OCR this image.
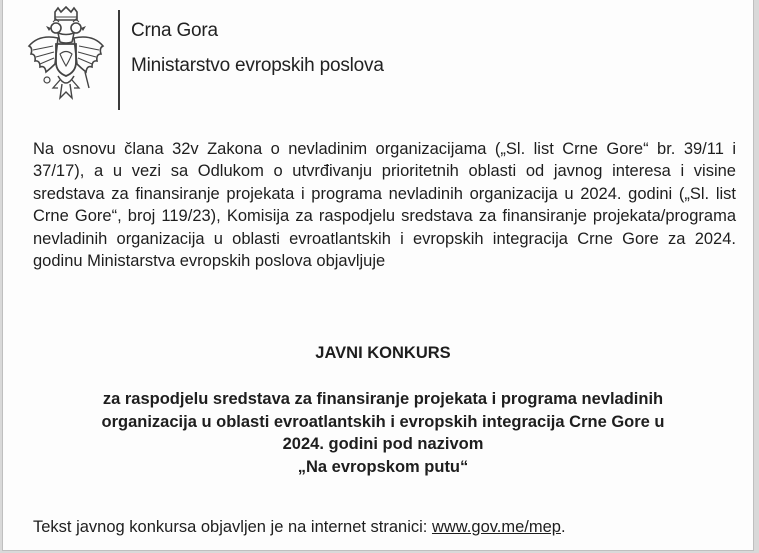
Crna Gora
Ministarstvo evropskih poslova

Na osnovu člana 32v Zakona o nevladinim organizacijama („Sl. list Crne Gore“ br. 39/11 i 37/17), a u vezi sa Odlukom o utvrđivanju prioritetnih oblasti od javnog interesa i visine sredstava za finansiranje projekata i programa nevladinih organizacija u 2024. godini („Sl. list Crne Gore“, broj 119/23), Komisija za raspodjelu sredstava za finansiranje projekata/programa nevladinih organizacija u oblasti evroatlantskih i evropskih integracija Crne Gore za 2024. godinu Ministarstva evropskih poslova objavljuje

JAVNI KONKURS

za raspodjelu sredstava za finansiranje projekata i programa nevladinih
organizacija u oblasti evroatlantskih i evropskih integracija Crne Gore u
2024. godini pod nazivom
„Na evropskom putu“

Tekst javnog konkursa objavljen je na internet stranici: www.gov.me/mep.
